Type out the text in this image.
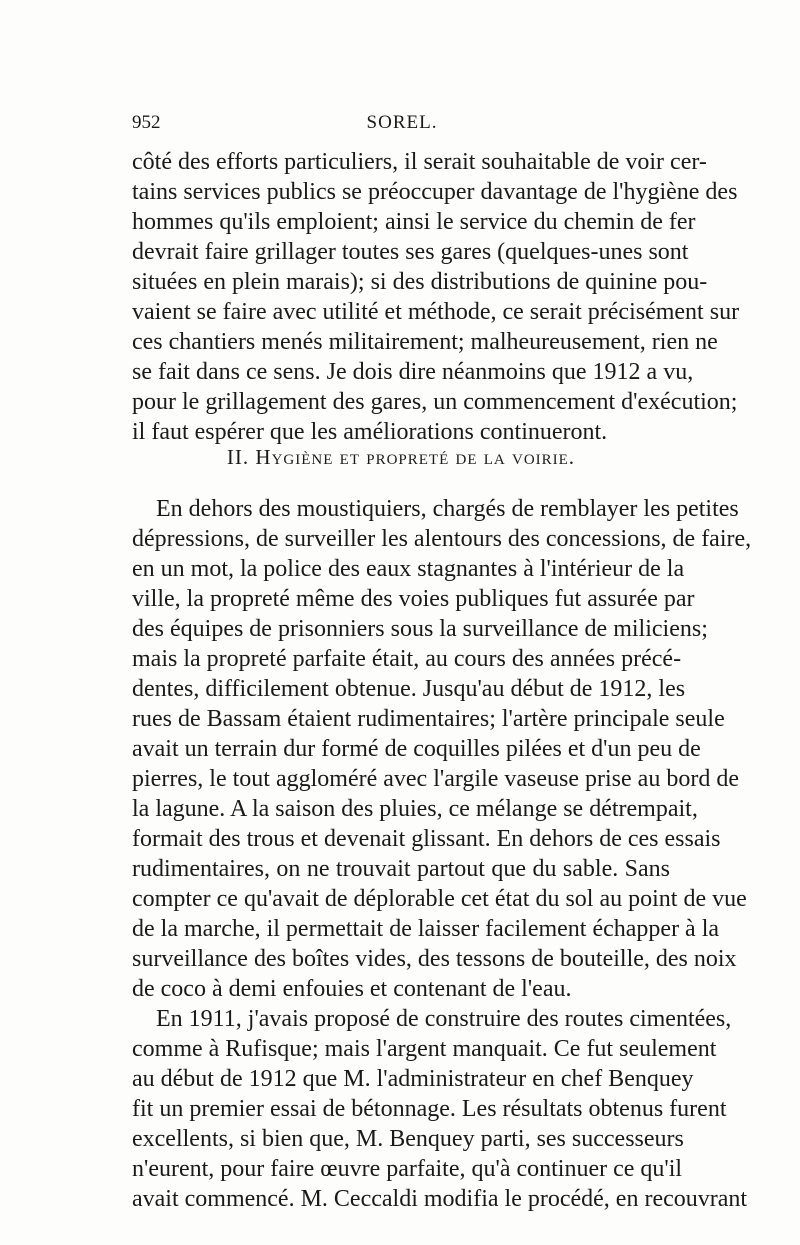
952	SOREL.
côté des efforts particuliers, il serait souhaitable de voir cer-
tains services publics se préoccuper davantage de l'hygiène des
hommes qu'ils emploient; ainsi le service du chemin de fer
devrait faire grillager toutes ses gares (quelques-unes sont
situées en plein marais); si des distributions de quinine pou-
vaient se faire avec utilité et méthode, ce serait précisément sur
ces chantiers menés militairement; malheureusement, rien ne
se fait dans ce sens. Je dois dire néanmoins que 1912 a vu,
pour le grillagement des gares, un commencement d'exécution;
il faut espérer que les améliorations continueront.
II. Hygiène et propreté de la voirie.
En dehors des moustiquiers, chargés de remblayer les petites
dépressions, de surveiller les alentours des concessions, de faire,
en un mot, la police des eaux stagnantes à l'intérieur de la
ville, la propreté même des voies publiques fut assurée par
des équipes de prisonniers sous la surveillance de miliciens;
mais la propreté parfaite était, au cours des années précé-
dentes, difficilement obtenue. Jusqu'au début de 1912, les
rues de Bassam étaient rudimentaires; l'artère principale seule
avait un terrain dur formé de coquilles pilées et d'un peu de
pierres, le tout aggloméré avec l'argile vaseuse prise au bord de
la lagune. A la saison des pluies, ce mélange se détrempait,
formait des trous et devenait glissant. En dehors de ces essais
rudimentaires, on ne trouvait partout que du sable. Sans
compter ce qu'avait de déplorable cet état du sol au point de vue
de la marche, il permettait de laisser facilement échapper à la
surveillance des boîtes vides, des tessons de bouteille, des noix
de coco à demi enfouies et contenant de l'eau.
En 1911, j'avais proposé de construire des routes cimentées,
comme à Rufisque; mais l'argent manquait. Ce fut seulement
au début de 1912 que M. l'administrateur en chef Benquey
fit un premier essai de bétonnage. Les résultats obtenus furent
excellents, si bien que, M. Benquey parti, ses successeurs
n'eurent, pour faire œuvre parfaite, qu'à continuer ce qu'il
avait commencé. M. Ceccaldi modifia le procédé, en recouvrant
